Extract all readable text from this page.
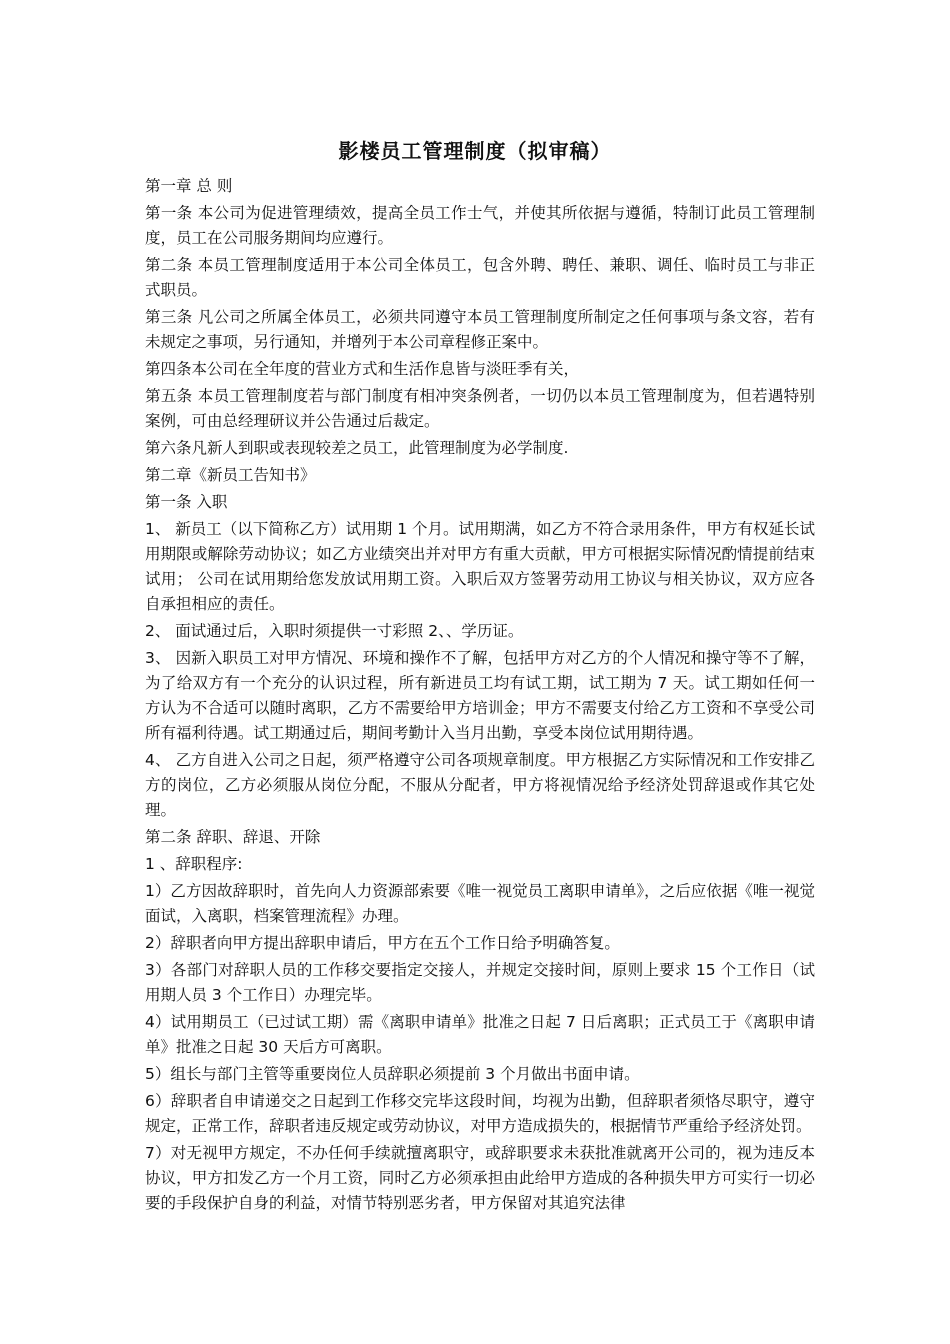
影楼员工管理制度（拟审稿）

第一章 总 则

第一条 本公司为促进管理绩效，提高全员工作士气，并使其所依据与遵循，特制订此员工管理制度，员工在公司服务期间均应遵行。

第二条 本员工管理制度适用于本公司全体员工，包含外聘、聘任、兼职、调任、临时员工与非正式职员。

第三条 凡公司之所属全体员工，必须共同遵守本员工管理制度所制定之任何事项与条文容，若有未规定之事项，另行通知，并增列于本公司章程修正案中。

第四条本公司在全年度的营业方式和生活作息皆与淡旺季有关，

第五条 本员工管理制度若与部门制度有相冲突条例者，一切仍以本员工管理制度为，但若遇特别案例，可由总经理研议并公告通过后裁定。

第六条凡新人到职或表现较差之员工，此管理制度为必学制度.

第二章《新员工告知书》

第一条 入职

1、 新员工（以下简称乙方）试用期 1 个月。试用期满，如乙方不符合录用条件，甲方有权延长试用期限或解除劳动协议；如乙方业绩突出并对甲方有重大贡献，甲方可根据实际情况酌情提前结束试用； 公司在试用期给您发放试用期工资。入职后双方签署劳动用工协议与相关协议，双方应各自承担相应的责任。

2、 面试通过后，入职时须提供一寸彩照 2、、学历证。

3、 因新入职员工对甲方情况、环境和操作不了解，包括甲方对乙方的个人情况和操守等不了解，为了给双方有一个充分的认识过程，所有新进员工均有试工期，试工期为 7 天。试工期如任何一方认为不合适可以随时离职，乙方不需要给甲方培训金；甲方不需要支付给乙方工资和不享受公司所有福利待遇。试工期通过后，期间考勤计入当月出勤，享受本岗位试用期待遇。

4、 乙方自进入公司之日起，须严格遵守公司各项规章制度。甲方根据乙方实际情况和工作安排乙方的岗位，乙方必须服从岗位分配，不服从分配者，甲方将视情况给予经济处罚辞退或作其它处理。

第二条 辞职、辞退、开除

1 、辞职程序:

1）乙方因故辞职时，首先向人力资源部索要《唯一视觉员工离职申请单》，之后应依据《唯一视觉面试，入离职，档案管理流程》办理。

2）辞职者向甲方提出辞职申请后，甲方在五个工作日给予明确答复。

3）各部门对辞职人员的工作移交要指定交接人，并规定交接时间，原则上要求 15 个工作日（试用期人员 3 个工作日）办理完毕。

4）试用期员工（已过试工期）需《离职申请单》批准之日起 7 日后离职；正式员工于《离职申请单》批准之日起 30 天后方可离职。

5）组长与部门主管等重要岗位人员辞职必须提前 3 个月做出书面申请。

6）辞职者自申请递交之日起到工作移交完毕这段时间，均视为出勤，但辞职者须恪尽职守，遵守规定，正常工作，辞职者违反规定或劳动协议，对甲方造成损失的，根据情节严重给予经济处罚。

7）对无视甲方规定，不办任何手续就擅离职守，或辞职要求未获批准就离开公司的，视为违反本协议，甲方扣发乙方一个月工资，同时乙方必须承担由此给甲方造成的各种损失甲方可实行一切必要的手段保护自身的利益，对情节特别恶劣者，甲方保留对其追究法律
